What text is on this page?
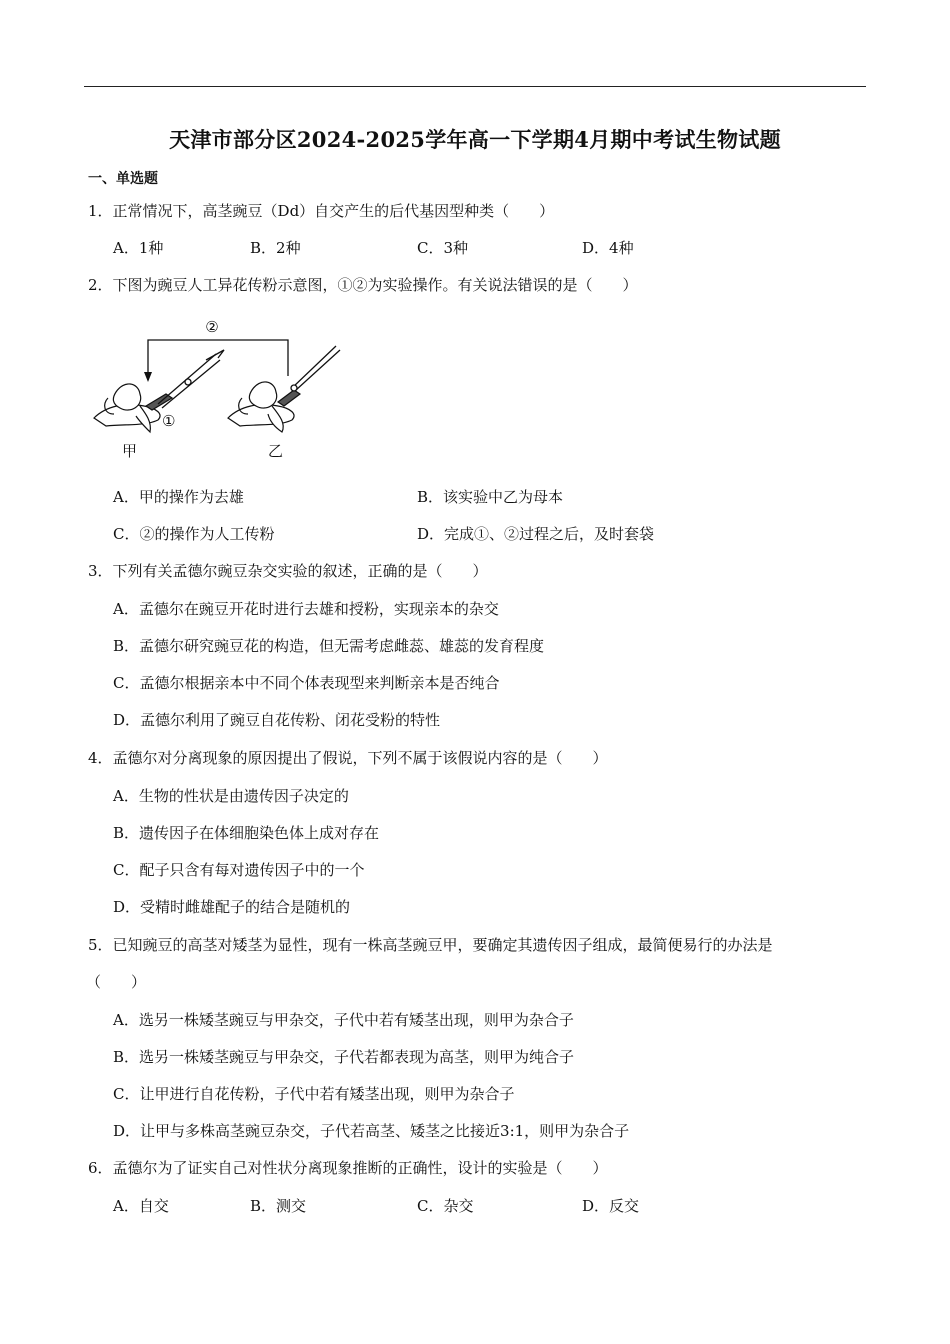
天津市部分区2024-2025学年高一下学期4月期中考试生物试题
一、单选题
1．正常情况下，高茎豌豆（Dd）自交产生的后代基因型种类（　　）
A．1种	B．2种	C．3种	D．4种
2．下图为豌豆人工异花传粉示意图，①②为实验操作。有关说法错误的是（　　）
②
①
甲	乙
A．甲的操作为去雄	B．该实验中乙为母本
C．②的操作为人工传粉	D．完成①、②过程之后，及时套袋
3．下列有关孟德尔豌豆杂交实验的叙述，正确的是（　　）
A．孟德尔在豌豆开花时进行去雄和授粉，实现亲本的杂交
B．孟德尔研究豌豆花的构造，但无需考虑雌蕊、雄蕊的发育程度
C．孟德尔根据亲本中不同个体表现型来判断亲本是否纯合
D．孟德尔利用了豌豆自花传粉、闭花受粉的特性
4．孟德尔对分离现象的原因提出了假说，下列不属于该假说内容的是（　　）
A．生物的性状是由遗传因子决定的
B．遗传因子在体细胞染色体上成对存在
C．配子只含有每对遗传因子中的一个
D．受精时雌雄配子的结合是随机的
5．已知豌豆的高茎对矮茎为显性，现有一株高茎豌豆甲，要确定其遗传因子组成，最简便易行的办法是
（　　）
A．选另一株矮茎豌豆与甲杂交，子代中若有矮茎出现，则甲为杂合子
B．选另一株矮茎豌豆与甲杂交，子代若都表现为高茎，则甲为纯合子
C．让甲进行自花传粉，子代中若有矮茎出现，则甲为杂合子
D．让甲与多株高茎豌豆杂交，子代若高茎、矮茎之比接近3:1，则甲为杂合子
6．孟德尔为了证实自己对性状分离现象推断的正确性，设计的实验是（　　）
A．自交	B．测交	C．杂交	D．反交
